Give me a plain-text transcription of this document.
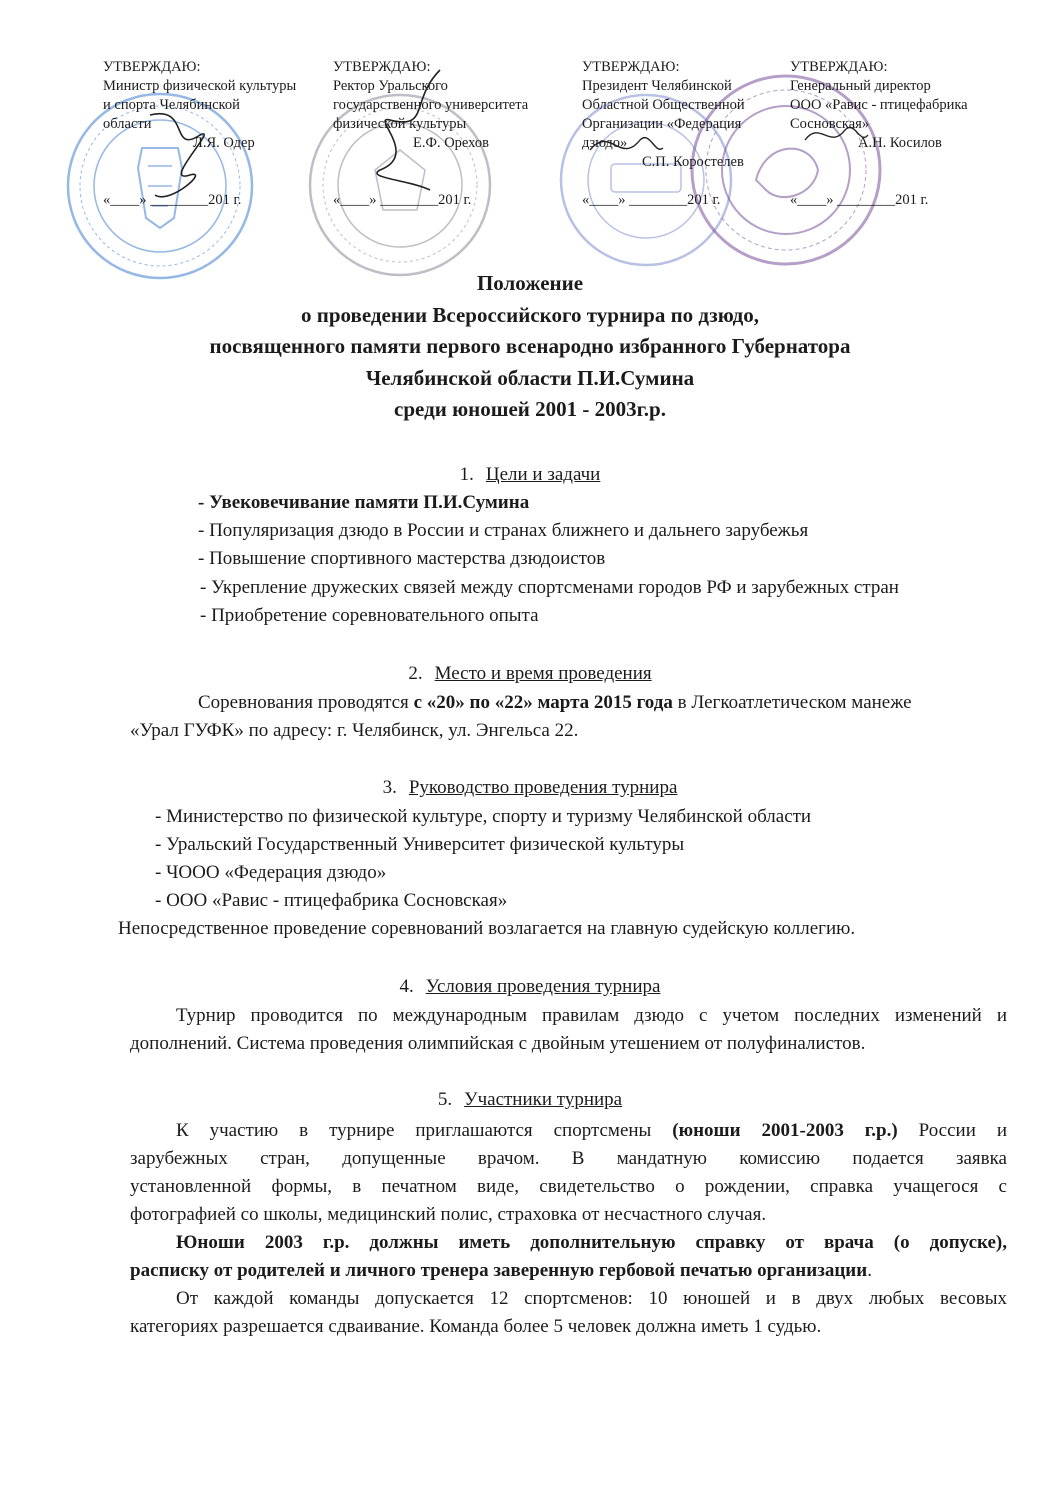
УТВЕРЖДАЮ:
Министр физической культуры
и спорта Челябинской
области
Л.Я. Одер
«____» ________201 г.
УТВЕРЖДАЮ:
Ректор Уральского
государственного университета
физической культуры
Е.Ф. Орехов
«____» ________201 г.
УТВЕРЖДАЮ:
Президент Челябинской
Областной Общественной
Организации «Федерация
дзюдо»
С.П. Коростелев
«____» ________201 г.
УТВЕРЖДАЮ:
Генеральный директор
ООО «Равис - птицефабрика
Сосновская»
А.Н. Косилов
«____» ________201 г.
Положение
о проведении Всероссийского турнира по дзюдо,
посвященного памяти первого всенародно избранного Губернатора
Челябинской области П.И.Сумина
среди юношей 2001 - 2003г.р.
1. Цели и задачи
- Увековечивание памяти П.И.Сумина
- Популяризация дзюдо в России и странах ближнего и дальнего зарубежья
- Повышение спортивного мастерства дзюдоистов
- Укрепление дружеских связей между спортсменами городов РФ и зарубежных стран
- Приобретение соревновательного опыта
2. Место и время проведения
Соревнования проводятся с «20» по «22» марта 2015 года в Легкоатлетическом манеже
«Урал ГУФК» по адресу: г. Челябинск, ул. Энгельса 22.
3. Руководство проведения турнира
- Министерство по физической культуре, спорту и туризму Челябинской области
- Уральский Государственный Университет физической культуры
- ЧООО «Федерация дзюдо»
- ООО «Равис - птицефабрика Сосновская»
Непосредственное проведение соревнований возлагается на главную судейскую коллегию.
4. Условия проведения турнира
Турнир проводится по международным правилам дзюдо с учетом последних изменений и
дополнений. Система проведения олимпийская с двойным утешением от полуфиналистов.
5. Участники турнира
К участию в турнире приглашаются спортсмены (юноши 2001-2003 г.р.) России и
зарубежных стран, допущенные врачом. В мандатную комиссию подается заявка
установленной формы, в печатном виде, свидетельство о рождении, справка учащегося с
фотографией со школы, медицинский полис, страховка от несчастного случая.
Юноши 2003 г.р. должны иметь дополнительную справку от врача (о допуске),
расписку от родителей и личного тренера заверенную гербовой печатью организации.
От каждой команды допускается 12 спортсменов: 10 юношей и в двух любых весовых
категориях разрешается сдваивание. Команда более 5 человек должна иметь 1 судью.
